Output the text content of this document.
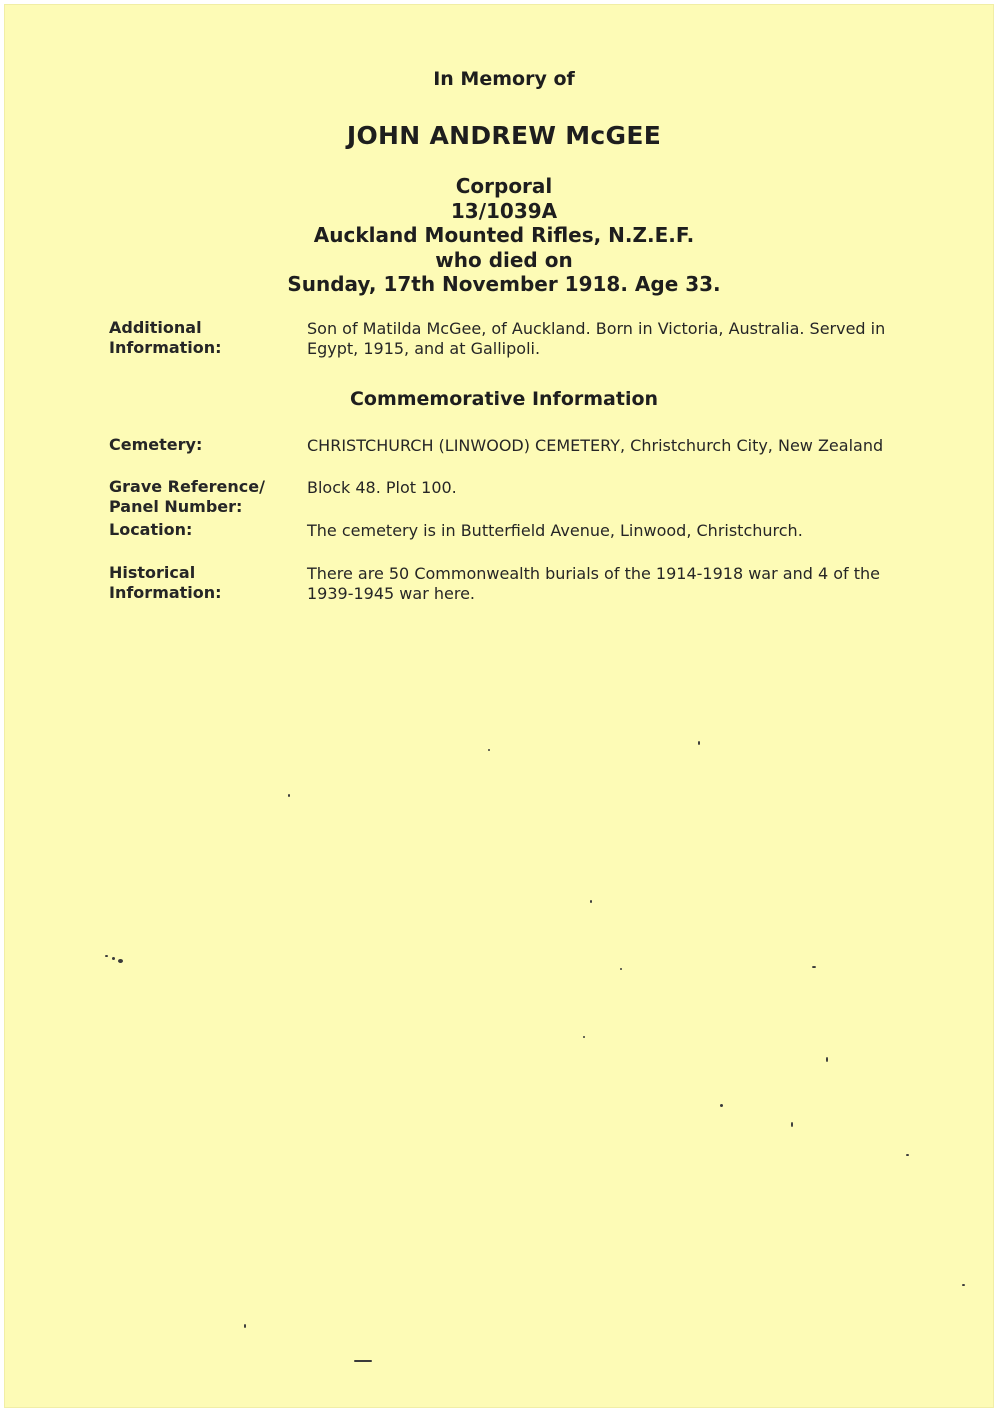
In Memory of
JOHN ANDREW McGEE
Corporal
13/1039A
Auckland Mounted Rifles, N.Z.E.F.
who died on
Sunday, 17th November 1918. Age 33.
Additional
Information:
Son of Matilda McGee, of Auckland. Born in Victoria, Australia. Served in Egypt, 1915, and at Gallipoli.
Commemorative Information
Cemetery:	CHRISTCHURCH (LINWOOD) CEMETERY, Christchurch City, New Zealand
Grave Reference/
Panel Number:
Block 48. Plot 100.
Location:	The cemetery is in Butterfield Avenue, Linwood, Christchurch.
Historical
Information:
There are 50 Commonwealth burials of the 1914-1918 war and 4 of the 1939-1945 war here.
